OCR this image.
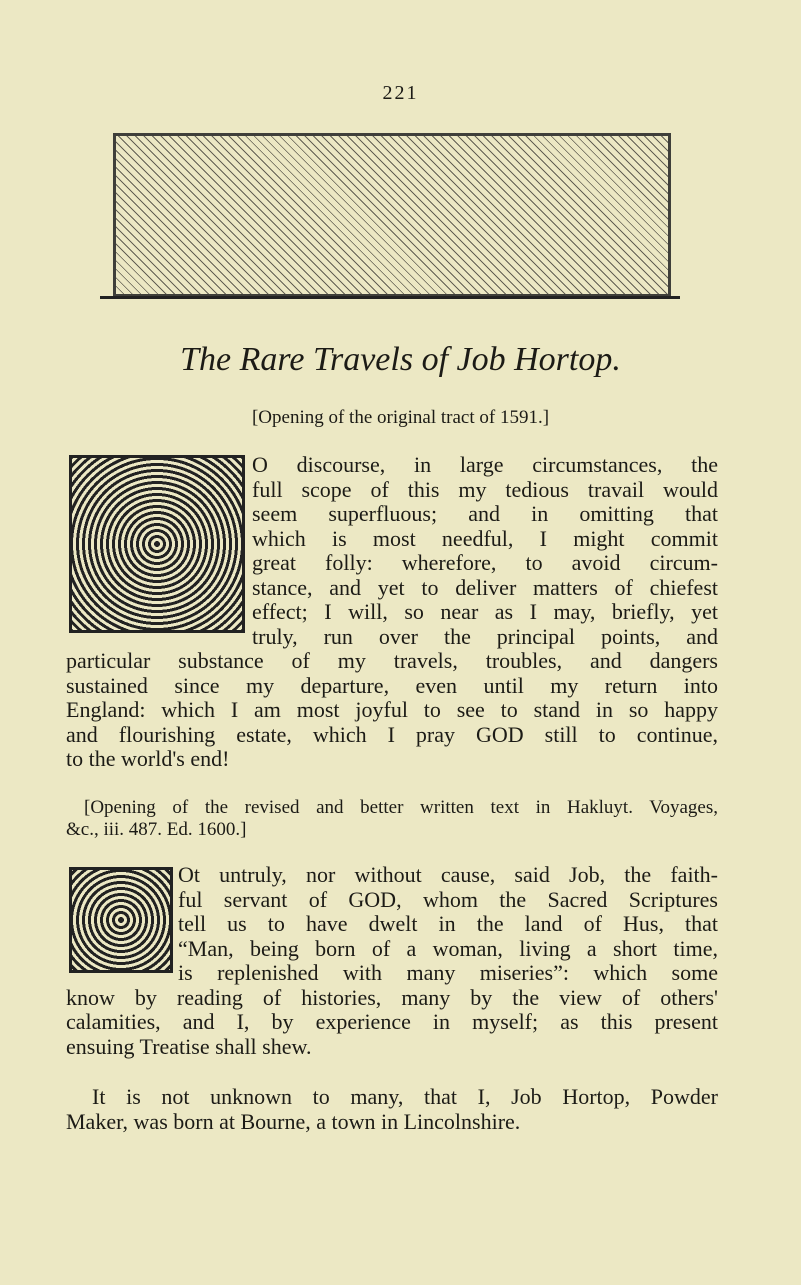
221
The Rare Travels of Job Hortop.
[Opening of the original tract of 1591.]
O discourse, in large circumstances, the
full scope of this my tedious travail would
seem superfluous; and in omitting that
which is most needful, I might commit
great folly: wherefore, to avoid circum-
stance, and yet to deliver matters of chiefest
effect; I will, so near as I may, briefly, yet
truly, run over the principal points, and
particular substance of my travels, troubles, and dangers
sustained since my departure, even until my return into
England: which I am most joyful to see to stand in so happy
and flourishing estate, which I pray GOD still to continue,
to the world's end!
[Opening of the revised and better written text in Hakluyt. Voyages,
&c., iii. 487. Ed. 1600.]
Ot untruly, nor without cause, said Job, the faith-
ful servant of GOD, whom the Sacred Scriptures
tell us to have dwelt in the land of Hus, that
“Man, being born of a woman, living a short time,
is replenished with many miseries”: which some
know by reading of histories, many by the view of others'
calamities, and I, by experience in myself; as this present
ensuing Treatise shall shew.
It is not unknown to many, that I, Job Hortop, Powder
Maker, was born at Bourne, a town in Lincolnshire.
